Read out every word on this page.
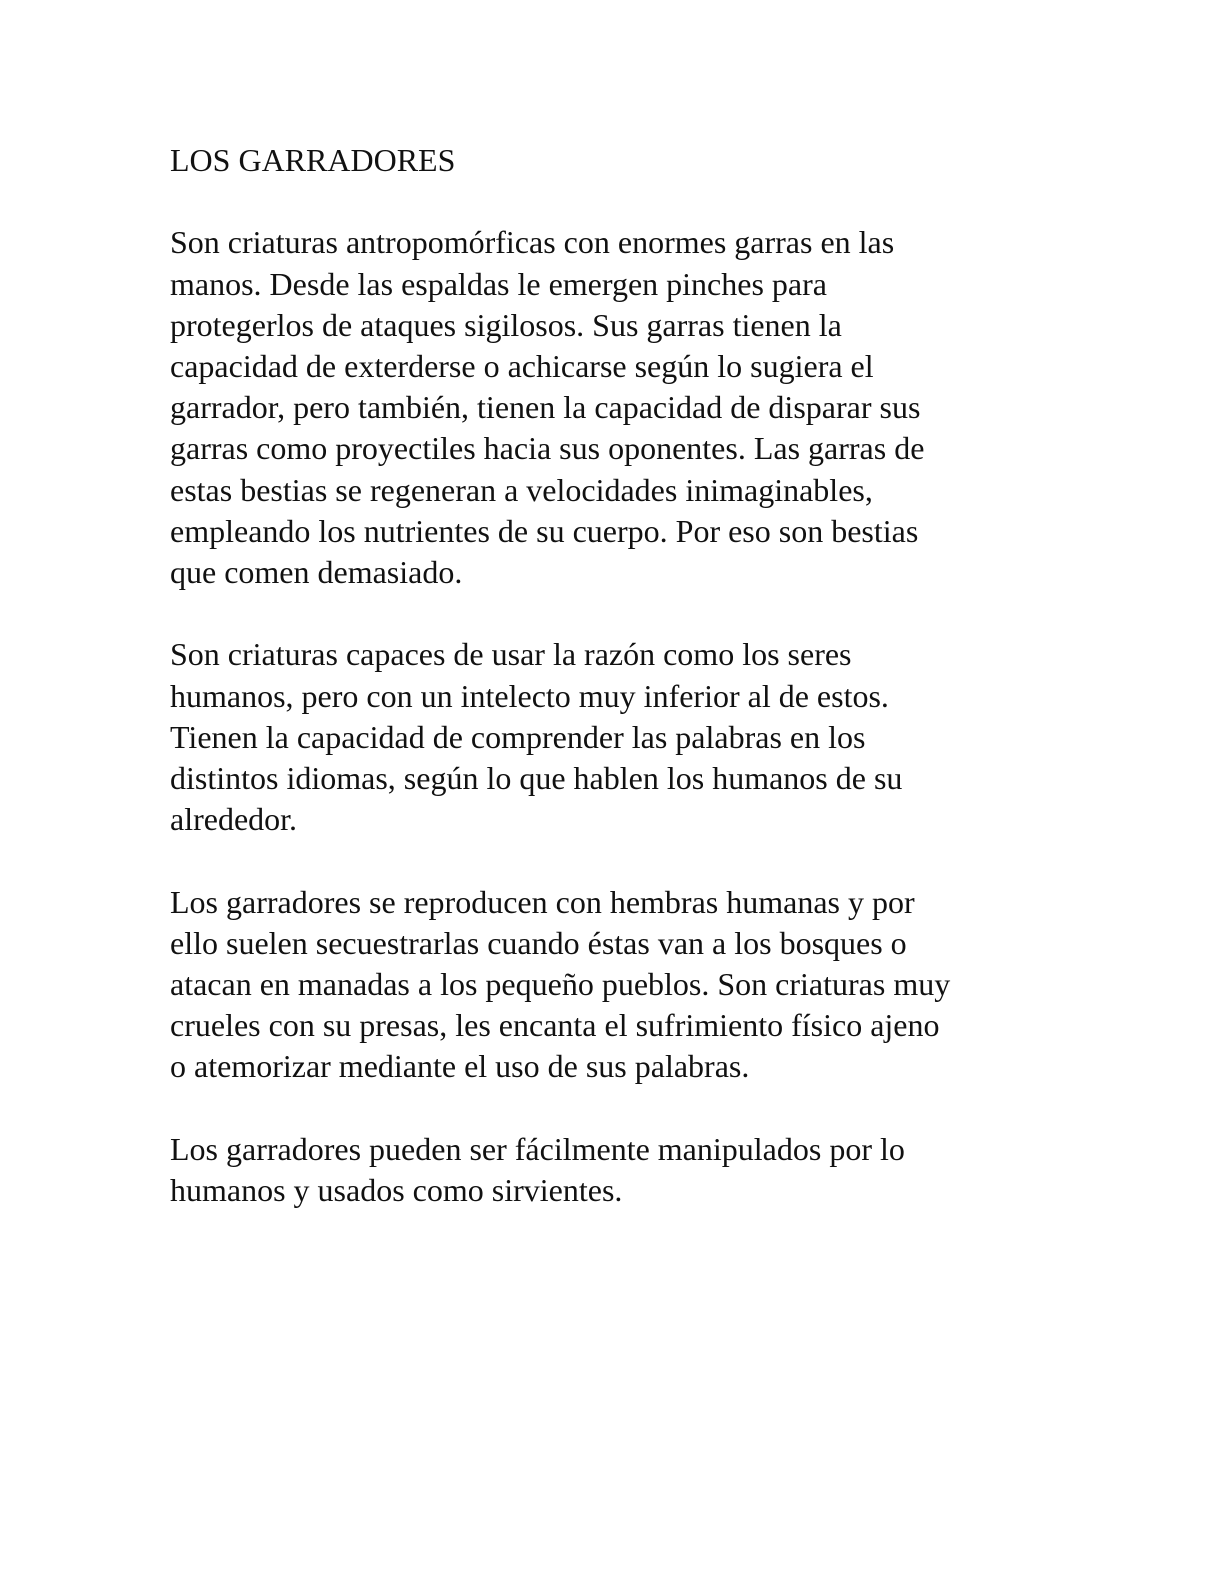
LOS GARRADORES
Son criaturas antropomórficas con enormes garras en las
manos. Desde las espaldas le emergen pinches para
protegerlos de ataques sigilosos. Sus garras tienen la
capacidad de exterderse o achicarse según lo sugiera el
garrador, pero también, tienen la capacidad de disparar sus
garras como proyectiles hacia sus oponentes. Las garras de
estas bestias se regeneran a velocidades inimaginables,
empleando los nutrientes de su cuerpo. Por eso son bestias
que comen demasiado.
Son criaturas capaces de usar la razón como los seres
humanos, pero con un intelecto muy inferior al de estos.
Tienen la capacidad de comprender las palabras en los
distintos idiomas, según lo que hablen los humanos de su
alrededor.
Los garradores se reproducen con hembras humanas y por
ello suelen secuestrarlas cuando éstas van a los bosques o
atacan en manadas a los pequeño pueblos. Son criaturas muy
crueles con su presas, les encanta el sufrimiento físico ajeno
o atemorizar mediante el uso de sus palabras.
Los garradores pueden ser fácilmente manipulados por lo
humanos y usados como sirvientes.
